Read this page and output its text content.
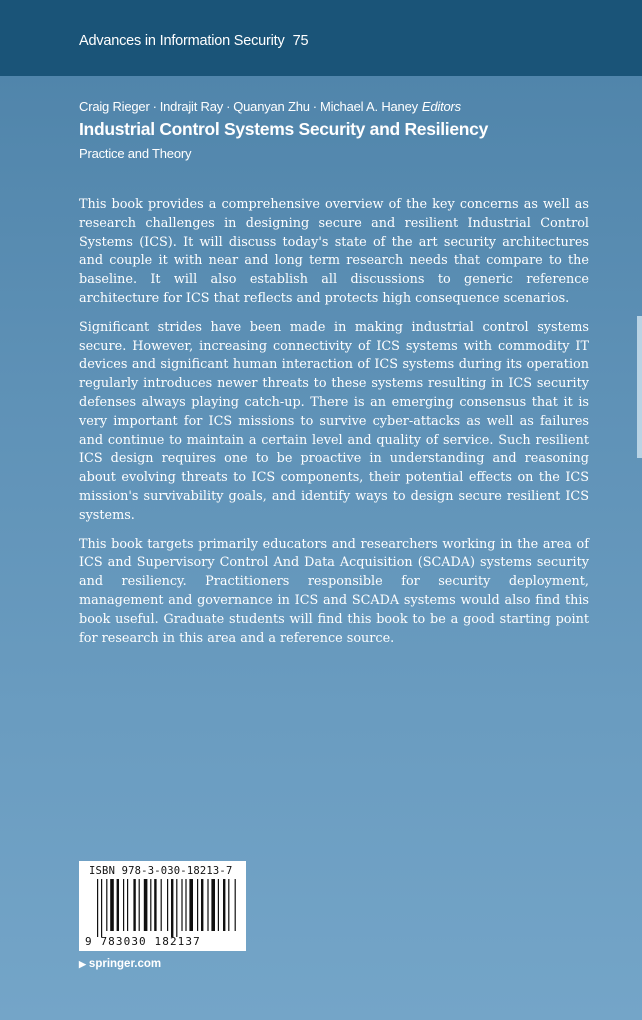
Advances in Information Security 75
Craig Rieger · Indrajit Ray · Quanyan Zhu · Michael A. Haney Editors
Industrial Control Systems Security and Resiliency
Practice and Theory

This book provides a comprehensive overview of the key concerns as well as research challenges in designing secure and resilient Industrial Control Systems (ICS). It will discuss today's state of the art security architectures and couple it with near and long term research needs that compare to the baseline. It will also establish all discussions to generic reference architecture for ICS that reflects and protects high consequence scenarios.

Significant strides have been made in making industrial control systems secure. However, increasing connectivity of ICS systems with commodity IT devices and significant human interaction of ICS systems during its operation regularly introduces newer threats to these systems resulting in ICS security defenses always playing catch-up. There is an emerging consensus that it is very important for ICS missions to survive cyber-attacks as well as failures and continue to maintain a certain level and quality of service. Such resilient ICS design requires one to be proactive in understanding and reasoning about evolving threats to ICS components, their potential effects on the ICS mission's survivability goals, and identify ways to design secure resilient ICS systems.

This book targets primarily educators and researchers working in the area of ICS and Supervisory Control And Data Acquisition (SCADA) systems security and resiliency. Practitioners responsible for security deployment, management and governance in ICS and SCADA systems would also find this book useful. Graduate students will find this book to be a good starting point for research in this area and a reference source.

ISBN 978-3-030-18213-7
9 783030 182137
▶ springer.com
